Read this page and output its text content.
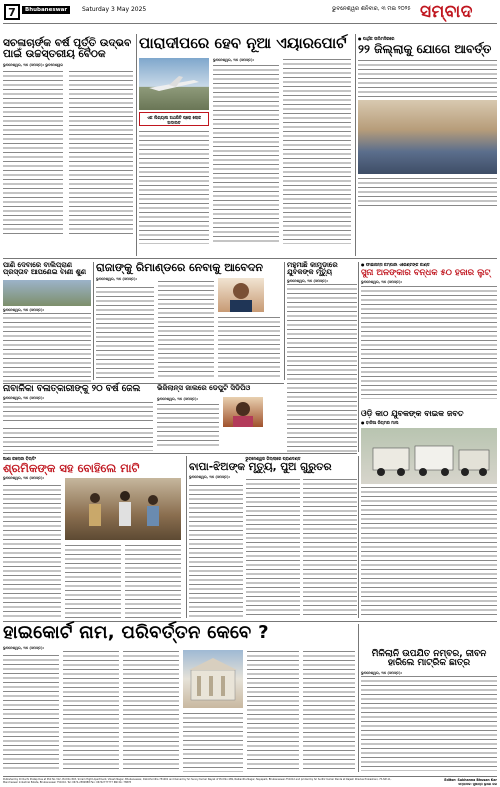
7	Bhubaneswar	Saturday 3 May 2025	ଭୁବନେଶ୍ୱର ଶନିବାର, ୩ ମଇ ୨୦୨୫ ସମ୍ବାଦ
ସଚଳାଚାର୍ଙ୍କ ବର୍ଷ ପୂର୍ତ୍ତି ଉଦ୍ଭବ ପାଇଁ ଉଚ୍ଚସ୍ତରୀୟ ବୈଠକ
ଭୁବନେଶ୍ୱର, ୨ା୫ (ସମସ୍ତ): ଭୁବନେଶ୍ୱର
ପାରାଦୀପରେ ହେବ ନୂଆ ଏୟାରପୋର୍ଟ
ଭୁବନେଶ୍ୱର, ୨ା୫ (ସମସ୍ତ):
ଏକ ଲିଗ୍ୟାଲ ଅଥରିଟି ପ୍ରୋ ଲୋକ ଅଦାଲତ
● ପାର୍ଥିକ ତାଲିମସିରରେ
୨୨ ଜିଲ୍ଲାକୁ ଯୋଗେ ଆବର୍ତ୍ତ
ପାଣି ଦେବାରେ ବାଲିପ୍ରାଣ ପ୍ରସ୍ତାବ ଆପଣେଇ ବାଣୀ ଶୁଣ
ଭୁବନେଶ୍ୱର, ୨ା୫ (ସମସ୍ତ):
ରାଜାଙ୍କୁ ରିମାଣ୍ଡରେ ନେବାକୁ ଆବେଦନ
ଭୁବନେଶ୍ୱର, ୨ା୫ (ସମସ୍ତ):
ମହୁମାଛି କାମୁଡ଼ାରେ ଯୁବକଙ୍କ ମୃତ୍ୟୁ
ଭୁବନେଶ୍ୱର, ୨ା୫ (ସମସ୍ତ):
● ଫାଇନାନ୍ସ କମ୍ପାନୀ ଏଜେଣ୍ଟଙ୍କ କାଣ୍ଡ
ସୁନା ଅଳଙ୍କାର ବନ୍ଧକ ୫୦ ହଜାର ଲୁଟ୍
ଭୁବନେଶ୍ୱର, ୨ା୫ (ସମସ୍ତ):
ନାବାଳିକା ବଳାତ୍କାରୀଙ୍କୁ ୨୦ ବର୍ଷ ଜେଲ
ଭୁବନେଶ୍ୱର, ୨ା୫ (ସମସ୍ତ):
ଭିଜିଲାନ୍ସ ଜାଲରେ ଡେପୁଟି ସିଡିପିଓ
ଭୁବନେଶ୍ୱର, ୨ା୫ (ସମସ୍ତ):
ଓଡ଼ି କାଠ ଯୁବକଙ୍କ ବାଇକ ଜବତ
● ବାଳିଆ ନିୟମର ମାଲ
ଆଶା କଲୋନୀ ବିଲ୍ଡିଂ
ଶ୍ରମିକଙ୍କ ସହ ବୋହିଲେ ମାଟି
ଭୁବନେଶ୍ୱର, ୨ା୫ (ସମସ୍ତ):
ଭୁବନେଶ୍ୱର ଜିଲ୍ଲାରେ ପ୍ରାଣଦଣ୍ଡ
ବାପା-ଝିଅଙ୍କ ମୃତ୍ୟୁ, ପୁଅ ଗୁରୁତର
ଭୁବନେଶ୍ୱର, ୨ା୫ (ସମସ୍ତ):
ହାଇକୋର୍ଟ ନାମ, ପରିବର୍ତ୍ତନ କେବେ ?
ଭୁବନେଶ୍ୱର, ୨ା୫ (ସମସ୍ତ):
ମିଳିଲାନି ଉପଯିତ ନମ୍ବର, ଜୀବନ ହାରିଲେ ମାଟ୍ରିକ ଛାତ୍ର
ଭୁବନେଶ୍ୱର, ୨ା୫ (ସମସ୍ତ):
Published by Dr Ruchi Pratap Das at Plot No 312, Plot No 803, Sriram Hight Apartment, Vikash Nagar, Bhubaneswar, Dist-Khordha 751001 and Owned by Sri Sunny Kumar Nayak of Plot No 489, Nalkantha Nagar, Nayapalli, Bhubaneswar-751012 and printed by Sri Sudhir Kumar Panda at Rajesh Khadua Prokashani, 75-SIP-11, Mancheswar Industrial Estate, Bhubaneswar 751010. Tel: 0674-2582888 Fax: 06742777777 RNI No: 78878
Editor: Sukhanna Bhusan Kar
ସମ୍ପାଦକ: ସୁଖାନ୍ନା ଭୂଷଣ କର
